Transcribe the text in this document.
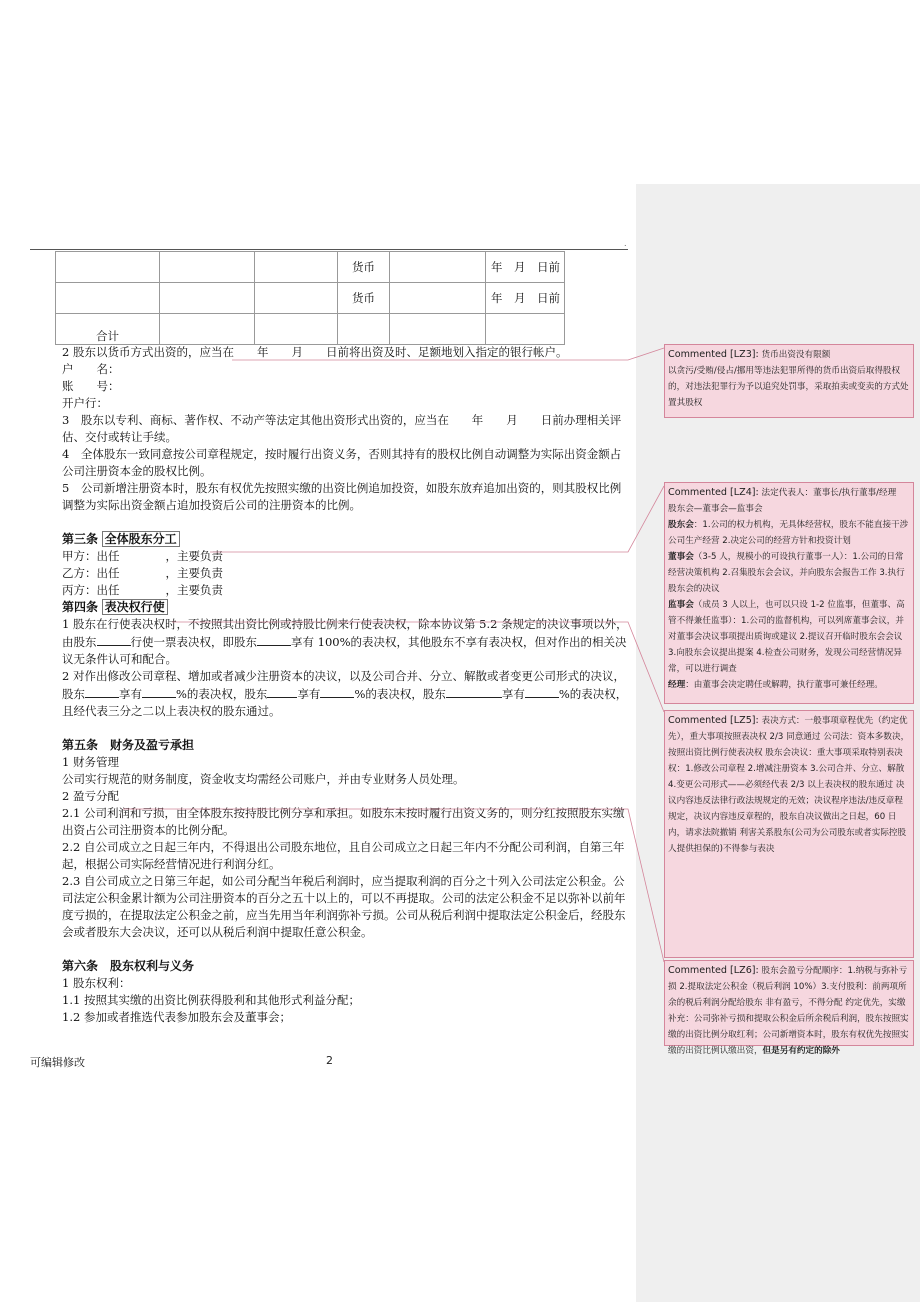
.
			货币		年　月　日前
			货币		年　月　日前
合计					

2 股东以货币方式出资的，应当在　　年　　月　　日前将出资及时、足额地划入指定的银行帐户。

户　　名：

账　　号：

开户行：

3　股东以专利、商标、著作权、不动产等法定其他出资形式出资的，应当在　　年　　月　　日前办理相关评估、交付或转让手续。

4　全体股东一致同意按公司章程规定，按时履行出资义务，否则其持有的股权比例自动调整为实际出资金额占公司注册资本金的股权比例。

5　公司新增注册资本时，股东有权优先按照实缴的出资比例追加投资，如股东放弃追加出资的，则其股权比例调整为实际出资金额占追加投资后公司的注册资本的比例。

第三条 全体股东分工

甲方：出任　　　　，主要负责

乙方：出任　　　　，主要负责

丙方：出任　　　　，主要负责

第四条 表决权行使

1 股东在行使表决权时，不按照其出资比例或持股比例来行使表决权，除本协议第 5.2 条规定的决议事项以外，由股东	行使一票表决权，即股东	享有 100%的表决权，其他股东不享有表决权，但对作出的相关决议无条件认可和配合。

2 对作出修改公司章程、增加或者减少注册资本的决议，以及公司合并、分立、解散或者变更公司形式的决议，股东	享有	%的表决权，股东	享有	%的表决权，股东	享有	%的表决权，且经代表三分之二以上表决权的股东通过。

第五条　财务及盈亏承担

1 财务管理

公司实行规范的财务制度，资金收支均需经公司账户，并由专业财务人员处理。

2 盈亏分配

2.1 公司利润和亏损，由全体股东按持股比例分享和承担。如股东未按时履行出资义务的，则分红按照股东实缴出资占公司注册资本的比例分配。

2.2 自公司成立之日起三年内，不得退出公司股东地位，且自公司成立之日起三年内不分配公司利润，自第三年起，根据公司实际经营情况进行利润分红。

2.3 自公司成立之日第三年起，如公司分配当年税后利润时，应当提取利润的百分之十列入公司法定公积金。公司法定公积金累计额为公司注册资本的百分之五十以上的，可以不再提取。公司的法定公积金不足以弥补以前年度亏损的，在提取法定公积金之前，应当先用当年利润弥补亏损。公司从税后利润中提取法定公积金后，经股东会或者股东大会决议，还可以从税后利润中提取任意公积金。

第六条　股东权利与义务

1 股东权利：

1.1 按照其实缴的出资比例获得股利和其他形式利益分配；

1.2 参加或者推选代表参加股东会及董事会；

可编辑修改	2
Commented [LZ3]: 货币出资没有限额
以贪污/受贿/侵占/挪用等违法犯罪所得的货币出资后取得股权的，对违法犯罪行为予以追究处罚事，采取拍卖或变卖的方式处置其股权
Commented [LZ4]: 法定代表人：董事长/执行董事/经理
股东会—董事会—监事会
股东会：1.公司的权力机构，无具体经营权，股东不能直接干涉公司生产经营 2.决定公司的经营方针和投资计划
董事会（3-5 人，规模小的可设执行董事一人）：1.公司的日常经营决策机构 2.召集股东会会议，并向股东会报告工作 3.执行股东会的决议
监事会（成员 3 人以上，也可以只设 1-2 位监事，但董事、高管不得兼任监事）：1.公司的监督机构，可以列席董事会议，并对董事会决议事项提出质询或建议 2.提议召开临时股东会会议 3.向股东会议提出提案 4.检查公司财务，发现公司经营情况异常，可以进行调查
经理：由董事会决定聘任或解聘，执行董事可兼任经理。
Commented [LZ5]: 表决方式：一般事项章程优先（约定优先），重大事项按照表决权 2/3 同意通过 公司法：资本多数决，按照出资比例行使表决权 股东会决议：重大事项采取特别表决权：1.修改公司章程 2.增减注册资本 3.公司合并、分立、解散 4.变更公司形式——必须经代表 2/3 以上表决权的股东通过 决议内容违反法律行政法规规定的无效；决议程序违法/违反章程规定，决议内容违反章程的，股东自决议做出之日起，60 日内，请求法院撤销 利害关系股东(公司为公司股东或者实际控股人提供担保的)不得参与表决
Commented [LZ6]: 股东会盈亏分配顺序：1.纳税与弥补亏损 2.提取法定公积金（税后利润 10%）3.支付股利：前两项所余的税后利润分配给股东 非有盈亏，不得分配 约定优先，实缴补充：公司弥补亏损和提取公积金后所余税后利润，股东按照实缴的出资比例分取红利；公司新增资本时，股东有权优先按照实缴的出资比例认缴出资，但是另有约定的除外
